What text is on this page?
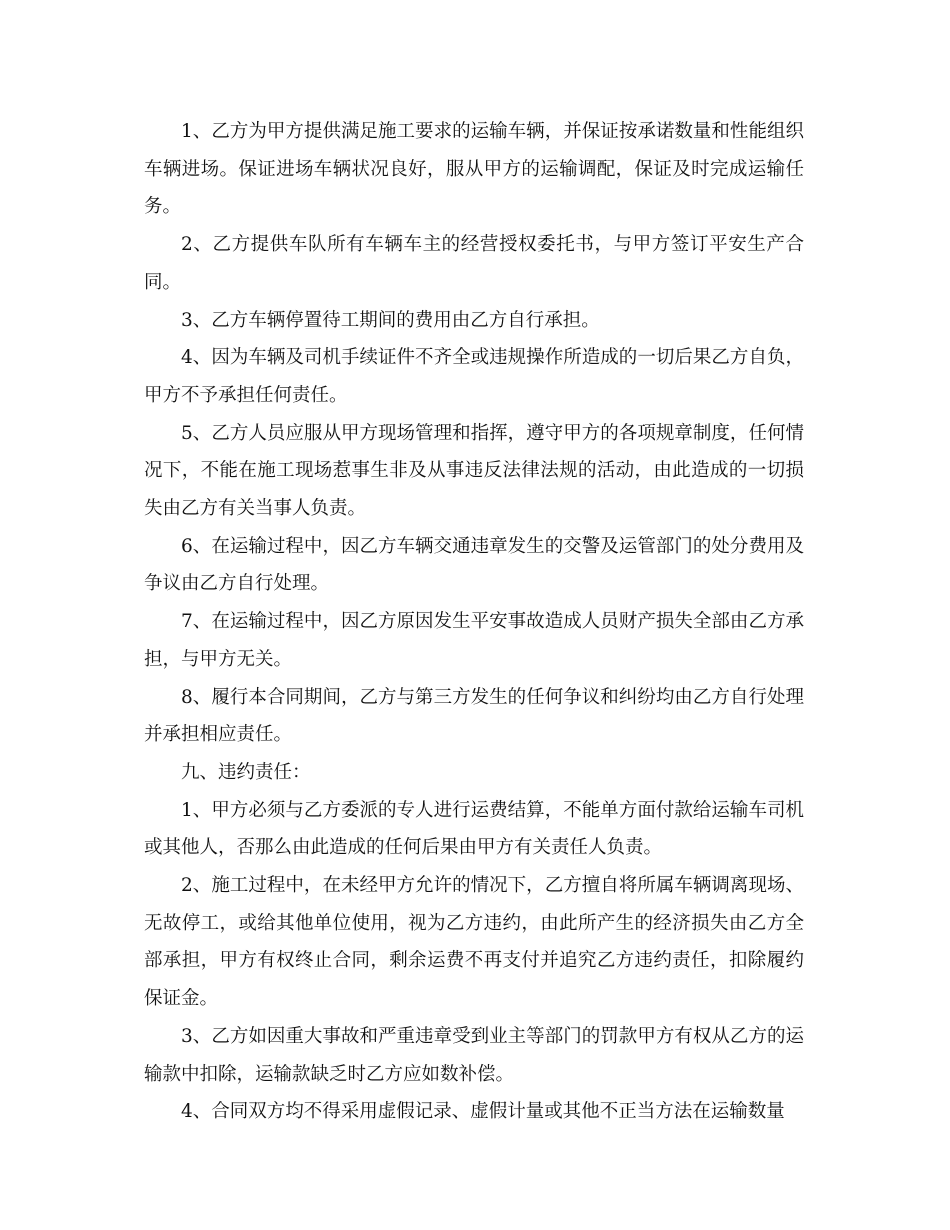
1、乙方为甲方提供满足施工要求的运输车辆，并保证按承诺数量和性能组织车辆进场。保证进场车辆状况良好，服从甲方的运输调配，保证及时完成运输任务。

2、乙方提供车队所有车辆车主的经营授权委托书，与甲方签订平安生产合同。

3、乙方车辆停置待工期间的费用由乙方自行承担。

4、因为车辆及司机手续证件不齐全或违规操作所造成的一切后果乙方自负，甲方不予承担任何责任。

5、乙方人员应服从甲方现场管理和指挥，遵守甲方的各项规章制度，任何情况下，不能在施工现场惹事生非及从事违反法律法规的活动，由此造成的一切损失由乙方有关当事人负责。

6、在运输过程中，因乙方车辆交通违章发生的交警及运管部门的处分费用及争议由乙方自行处理。

7、在运输过程中，因乙方原因发生平安事故造成人员财产损失全部由乙方承担，与甲方无关。

8、履行本合同期间，乙方与第三方发生的任何争议和纠纷均由乙方自行处理并承担相应责任。

九、违约责任：

1、甲方必须与乙方委派的专人进行运费结算，不能单方面付款给运输车司机或其他人，否那么由此造成的任何后果由甲方有关责任人负责。

2、施工过程中，在未经甲方允许的情况下，乙方擅自将所属车辆调离现场、无故停工，或给其他单位使用，视为乙方违约，由此所产生的经济损失由乙方全部承担，甲方有权终止合同，剩余运费不再支付并追究乙方违约责任，扣除履约保证金。

3、乙方如因重大事故和严重违章受到业主等部门的罚款甲方有权从乙方的运输款中扣除，运输款缺乏时乙方应如数补偿。

4、合同双方均不得采用虚假记录、虚假计量或其他不正当方法在运输数量
